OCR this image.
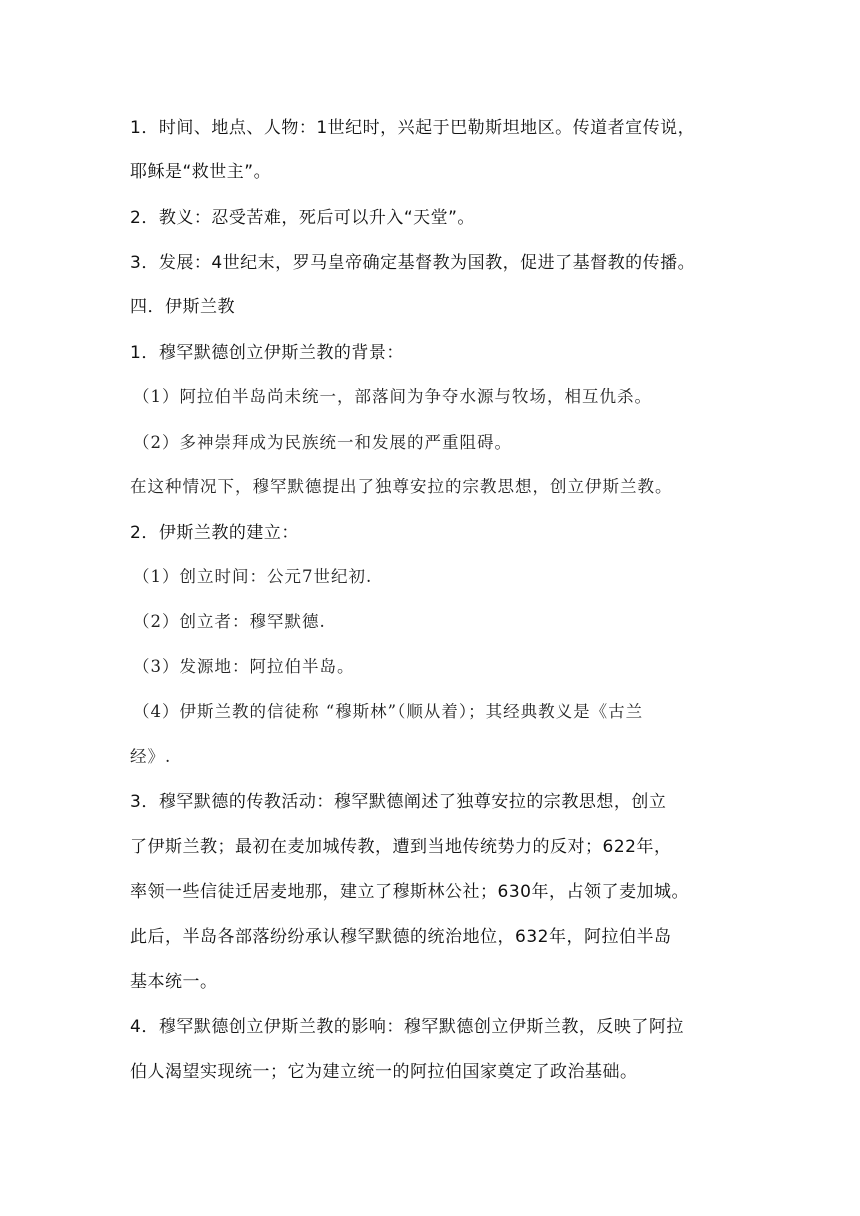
1．时间、地点、人物：1世纪时，兴起于巴勒斯坦地区。传道者宣传说，

耶稣是“救世主”。

2．教义：忍受苦难，死后可以升入“天堂”。

3．发展：4世纪末，罗马皇帝确定基督教为国教，促进了基督教的传播。

四．伊斯兰教

1．穆罕默德创立伊斯兰教的背景：

（1）阿拉伯半岛尚未统一，部落间为争夺水源与牧场，相互仇杀。

（2）多神崇拜成为民族统一和发展的严重阻碍。

在这种情况下，穆罕默德提出了独尊安拉的宗教思想，创立伊斯兰教。

2．伊斯兰教的建立：

（1）创立时间：公元7世纪初.

（2）创立者：穆罕默德.

（3）发源地：阿拉伯半岛。

（4）伊斯兰教的信徒称 “穆斯林”（顺从着）；其经典教义是《古兰

经》.

3．穆罕默德的传教活动：穆罕默德阐述了独尊安拉的宗教思想，创立

了伊斯兰教；最初在麦加城传教，遭到当地传统势力的反对；622年，

率领一些信徒迁居麦地那，建立了穆斯林公社；630年，占领了麦加城。

此后，半岛各部落纷纷承认穆罕默德的统治地位，632年，阿拉伯半岛

基本统一。

4．穆罕默德创立伊斯兰教的影响：穆罕默德创立伊斯兰教，反映了阿拉

伯人渴望实现统一；它为建立统一的阿拉伯国家奠定了政治基础。
